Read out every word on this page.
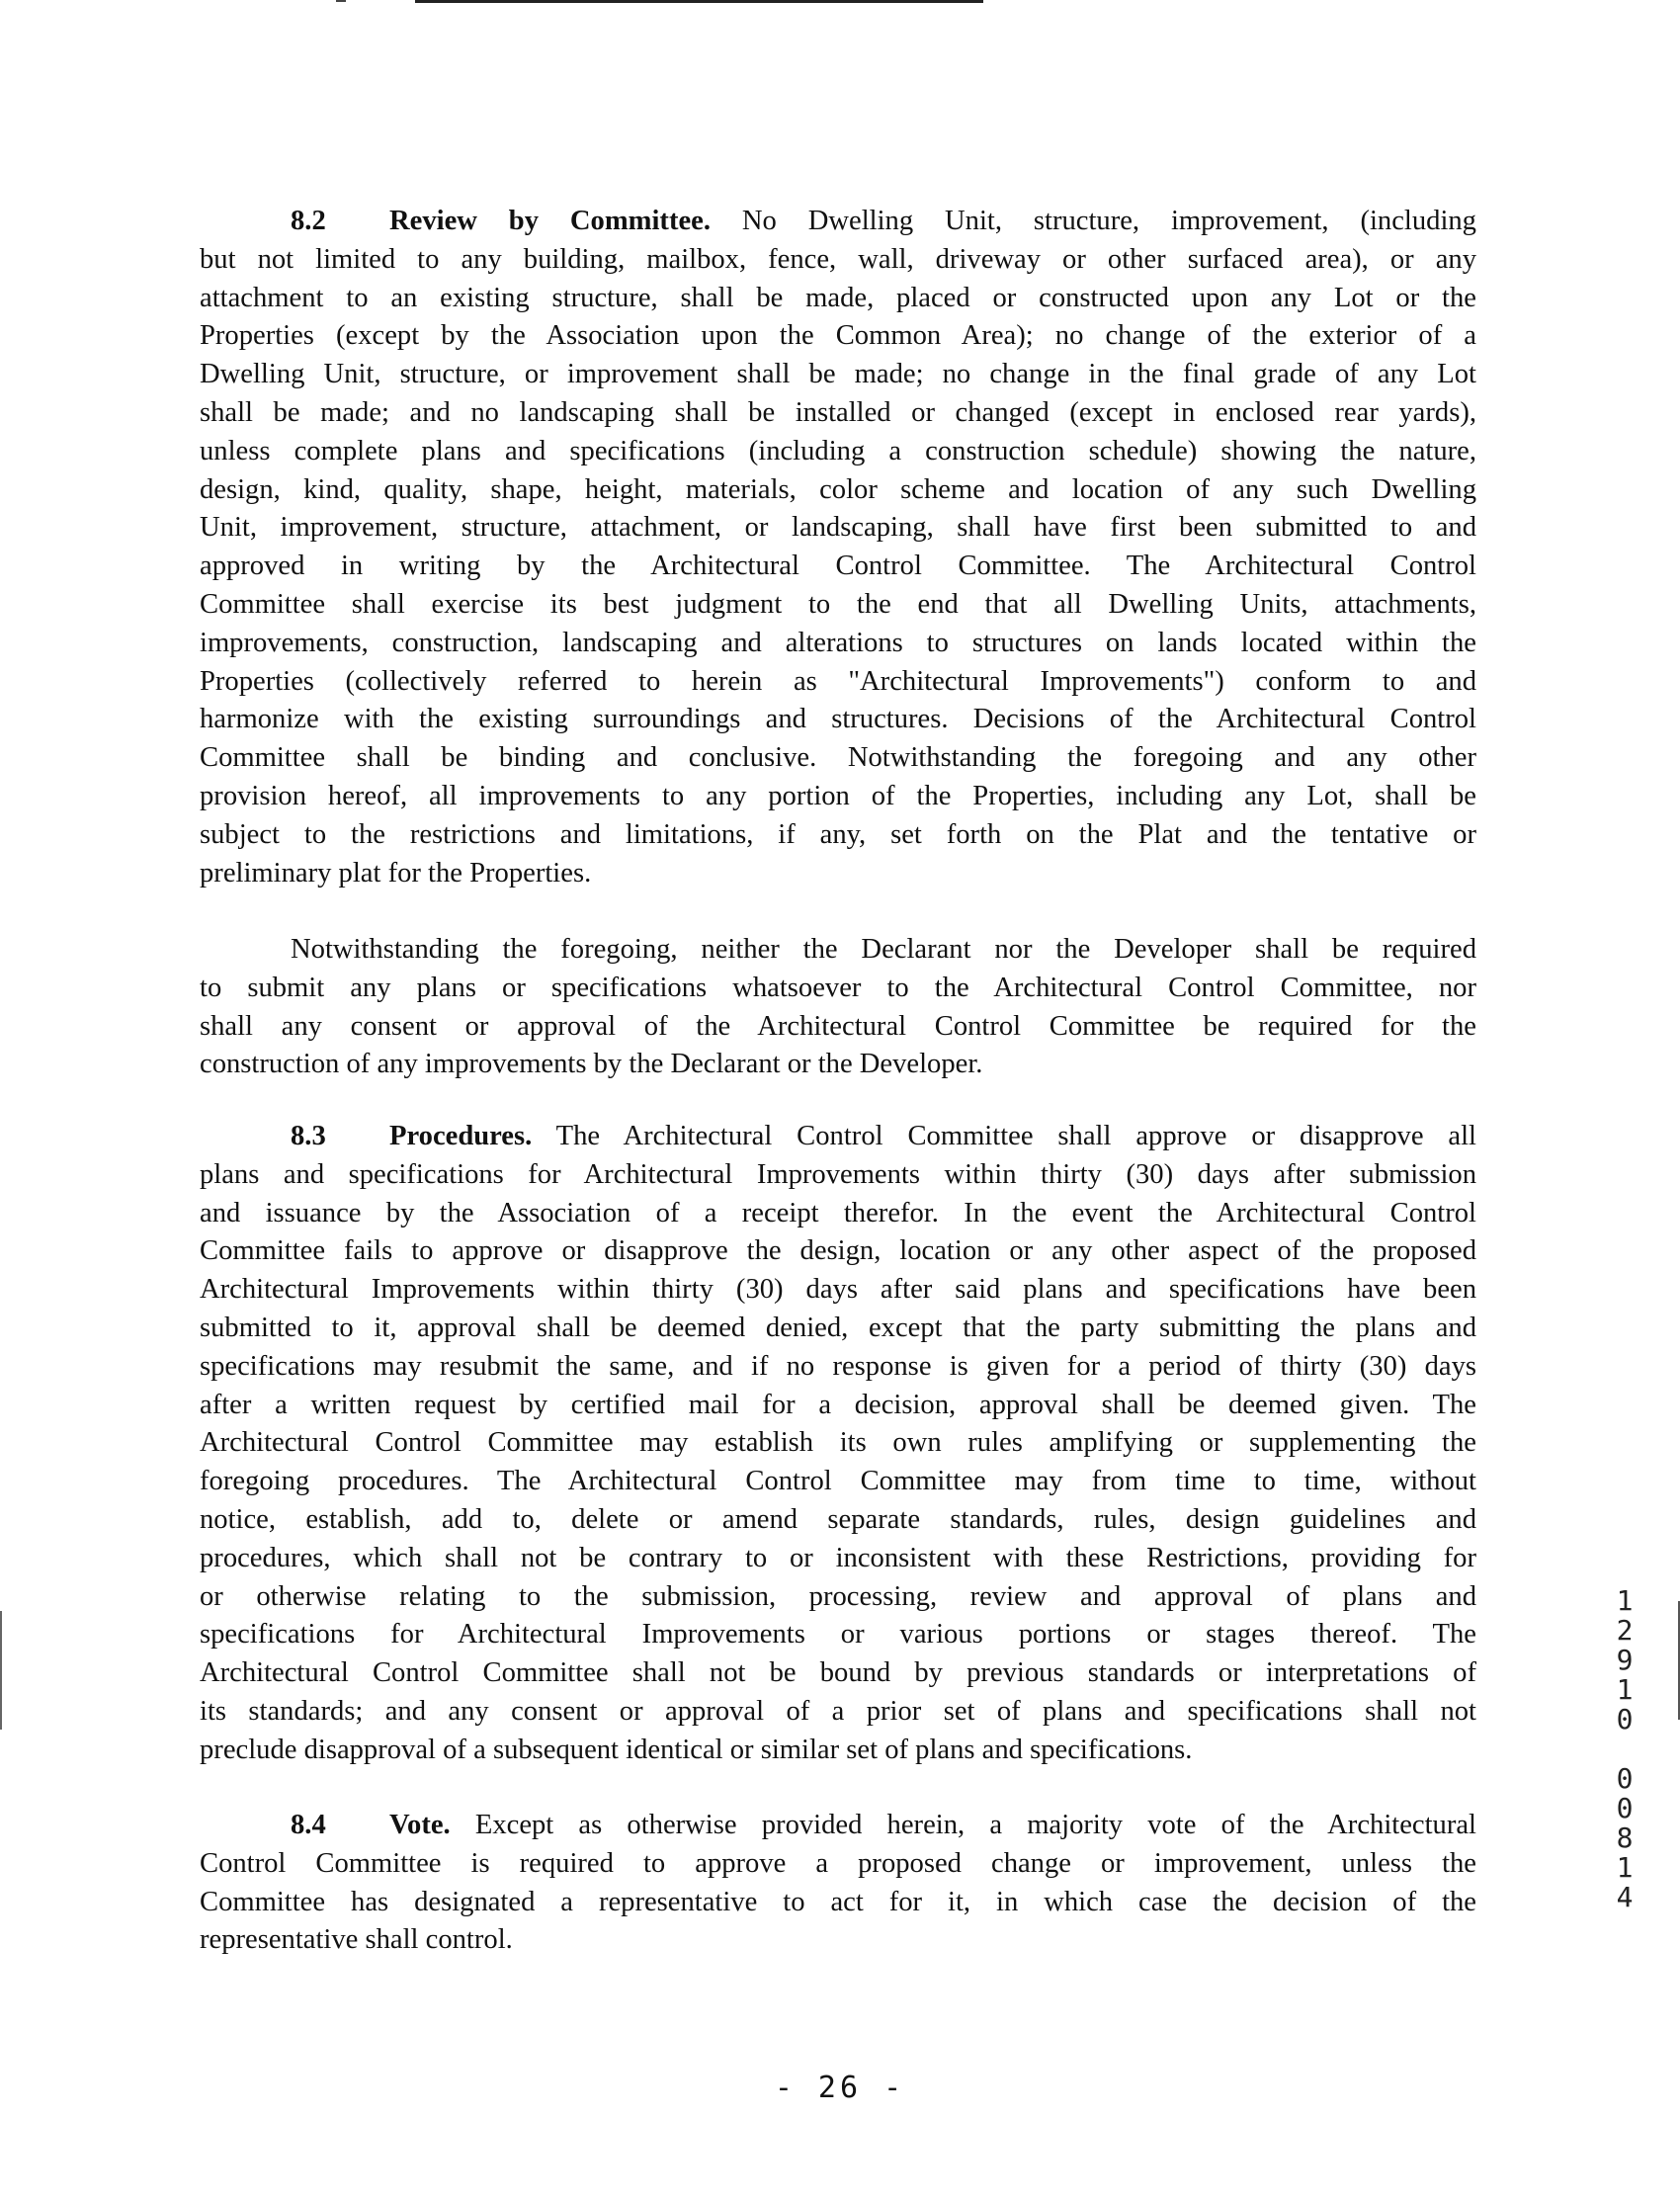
8.2 Review by Committee. No Dwelling Unit, structure, improvement, (including
but not limited to any building, mailbox, fence, wall, driveway or other surfaced area), or any
attachment to an existing structure, shall be made, placed or constructed upon any Lot or the
Properties (except by the Association upon the Common Area); no change of the exterior of a
Dwelling Unit, structure, or improvement shall be made; no change in the final grade of any Lot
shall be made; and no landscaping shall be installed or changed (except in enclosed rear yards),
unless complete plans and specifications (including a construction schedule) showing the nature,
design, kind, quality, shape, height, materials, color scheme and location of any such Dwelling
Unit, improvement, structure, attachment, or landscaping, shall have first been submitted to and
approved in writing by the Architectural Control Committee. The Architectural Control
Committee shall exercise its best judgment to the end that all Dwelling Units, attachments,
improvements, construction, landscaping and alterations to structures on lands located within the
Properties (collectively referred to herein as "Architectural Improvements") conform to and
harmonize with the existing surroundings and structures. Decisions of the Architectural Control
Committee shall be binding and conclusive. Notwithstanding the foregoing and any other
provision hereof, all improvements to any portion of the Properties, including any Lot, shall be
subject to the restrictions and limitations, if any, set forth on the Plat and the tentative or
preliminary plat for the Properties.
Notwithstanding the foregoing, neither the Declarant nor the Developer shall be required
to submit any plans or specifications whatsoever to the Architectural Control Committee, nor
shall any consent or approval of the Architectural Control Committee be required for the
construction of any improvements by the Declarant or the Developer.
8.3 Procedures. The Architectural Control Committee shall approve or disapprove all
plans and specifications for Architectural Improvements within thirty (30) days after submission
and issuance by the Association of a receipt therefor. In the event the Architectural Control
Committee fails to approve or disapprove the design, location or any other aspect of the proposed
Architectural Improvements within thirty (30) days after said plans and specifications have been
submitted to it, approval shall be deemed denied, except that the party submitting the plans and
specifications may resubmit the same, and if no response is given for a period of thirty (30) days
after a written request by certified mail for a decision, approval shall be deemed given. The
Architectural Control Committee may establish its own rules amplifying or supplementing the
foregoing procedures. The Architectural Control Committee may from time to time, without
notice, establish, add to, delete or amend separate standards, rules, design guidelines and
procedures, which shall not be contrary to or inconsistent with these Restrictions, providing for
or otherwise relating to the submission, processing, review and approval of plans and
specifications for Architectural Improvements or various portions or stages thereof. The
Architectural Control Committee shall not be bound by previous standards or interpretations of
its standards; and any consent or approval of a prior set of plans and specifications shall not
preclude disapproval of a subsequent identical or similar set of plans and specifications.
8.4 Vote. Except as otherwise provided herein, a majority vote of the Architectural
Control Committee is required to approve a proposed change or improvement, unless the
Committee has designated a representative to act for it, in which case the decision of the
representative shall control.
1
2
9
1
0

0
0
8
1
4
- 26 -
